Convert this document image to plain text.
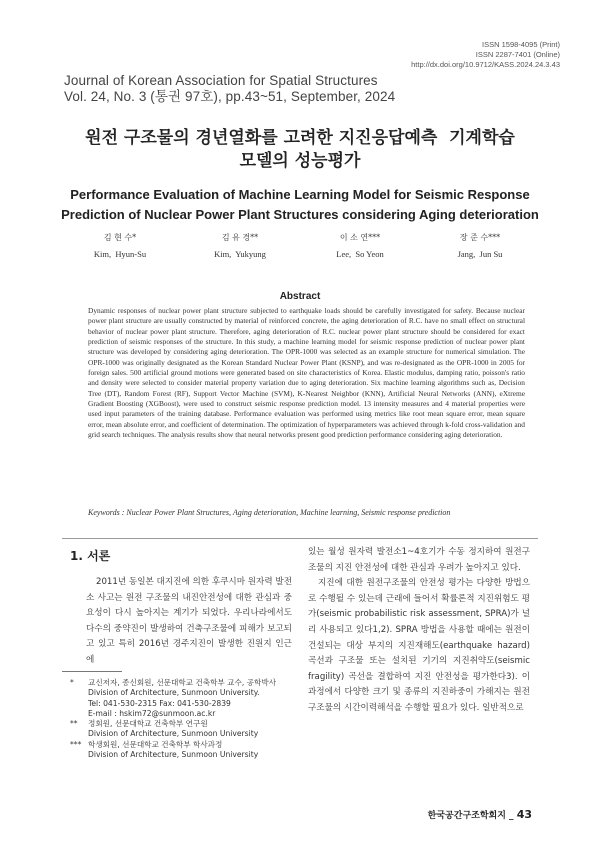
ISSN 1598-4095 (Print)
ISSN 2287-7401 (Online)
http://dx.doi.org/10.9712/KASS.2024.24.3.43
Journal of Korean Association for Spatial Structures
Vol. 24, No. 3 (통권 97호), pp.43~51, September, 2024
원전 구조물의 경년열화를 고려한 지진응답예측  기계학습
모델의 성능평가
Performance Evaluation of Machine Learning Model for Seismic Response
Prediction of Nuclear Power Plant Structures considering Aging deterioration
김 현 수*
Kim,  Hyun-Su
김 유 경**
Kim,  Yukyung
이 소 연***
Lee,  So Yeon
장 준 수***
Jang,  Jun Su
Abstract
Dynamic responses of nuclear power plant structure subjected to earthquake loads should be carefully investigated for safety. Because nuclear power plant structure are usually constructed by material of reinforced concrete, the aging deterioration of R.C. have no small effect on structural behavior of nuclear power plant structure. Therefore, aging deterioration of R.C. nuclear power plant structure should be considered for exact prediction of seismic responses of the structure. In this study, a machine learning model for seismic response prediction of nuclear power plant structure was developed by considering aging deterioration. The OPR-1000 was selected as an example structure for numerical simulation. The OPR-1000 was originally designated as the Korean Standard Nuclear Power Plant (KSNP), and was re-designated as the OPR-1000 in 2005 for foreign sales. 500 artificial ground motions were generated based on site characteristics of Korea. Elastic modulus, damping ratio, poisson's ratio and density were selected to consider material property variation due to aging deterioration. Six machine learning algorithms such as, Decision Tree (DT), Random Forest (RF), Support Vector Machine (SVM), K-Nearest Neighbor (KNN), Artificial Neural Networks (ANN), eXtreme Gradient Boosting (XGBoost), were used to construct seismic response prediction model. 13 intensity measures and 4 material properties were used input parameters of the training database. Performance evaluation was performed using metrics like root mean square error, mean square error, mean absolute error, and coefficient of determination. The optimization of hyperparameters was achieved through k-fold cross-validation and grid search techniques. The analysis results show that neural networks present good prediction performance considering aging deterioration.
Keywords : Nuclear Power Plant Structures, Aging deterioration, Machine learning, Seismic response prediction
1. 서론

2011년 동일본 대지진에 의한 후쿠시마 원자력 발전소 사고는 원전 구조물의 내진안전성에 대한 관심과 중요성이 다시 높아지는 계기가 되었다. 우리나라에서도 다수의 중약진이 발생하여 건축구조물에 피해가 보고되고 있고 특히 2016년 경주지진이 발생한 진원지 인근에

있는 월성 원자력 발전소1~4호기가 수동 정지하여 원전구조물의 지진 안전성에 대한 관심과 우려가 높아지고 있다.

지진에 대한 원전구조물의 안전성 평가는 다양한 방법으로 수행될 수 있는데 근래에 들어서 확률론적 지진위험도 평가(seismic probabilistic risk assessment, SPRA)가 널리 사용되고 있다1,2). SPRA 방법을 사용할 때에는 원전이 건설되는 대상 부지의 지진재해도(earthquake hazard) 곡선과 구조물 또는 설치된 기기의 지진취약도(seismic fragility) 곡선을 결합하여 지진 안전성을 평가한다3). 이 과정에서 다양한 크기 및 종류의 지진하중이 가해지는 원전구조물의 시간이력해석을 수행할 필요가 있다. 일반적으로

*	교신저자, 종신회원, 선문대학교 건축학부 교수, 공학박사
Division of Architecture, Sunmoon University.
Tel: 041-530-2315 Fax: 041-530-2839
E-mail : hskim72@sunmoon.ac.kr
**	정회원, 선문대학교 건축학부 연구원
Division of Architecture, Sunmoon University
*** 학생회원, 선문대학교 건축학부 학사과정
Division of Architecture, Sunmoon University
한국공간구조학회지 _ 43
